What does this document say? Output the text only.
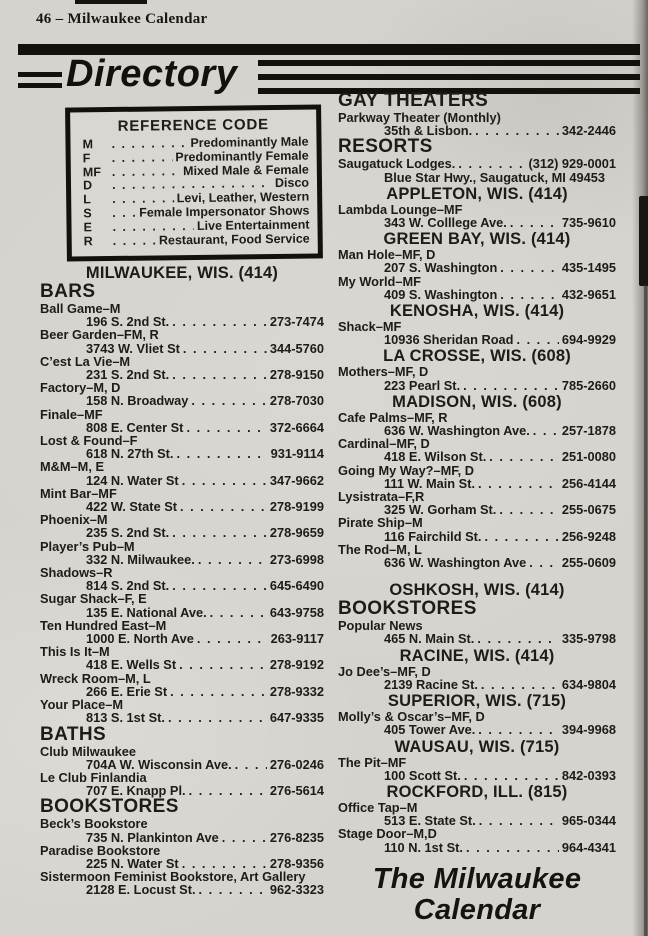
46 – Milwaukee Calendar
Directory
REFERENCE CODE
M . . .	Predominantly Male
F . . .	Predominantly Female
MF . . .	Mixed Male & Female
D . . .	Disco
L . . .	Levi, Leather, Western
S . . .	Female Impersonator Shows
E . . .	Live Entertainment
R . . .	Restaurant, Food Service
MILWAUKEE, WIS. (414)
BARS
Ball Game–M
196 S. 2nd St. . . .	273-7474
Beer Garden–FM, R
3743 W. Vliet St . . .	344-5760
C’est La Vie–M
231 S. 2nd St. . . .	278-9150
Factory–M, D
158 N. Broadway . . .	278-7030
Finale–MF
808 E. Center St . . .	372-6664
Lost & Found–F
618 N. 27th St. . . .	931-9114
M&M–M, E
124 N. Water St . . .	347-9662
Mint Bar–MF
422 W. State St . . .	278-9199
Phoenix–M
235 S. 2nd St. . . .	278-9659
Player’s Pub–M
332 N. Milwaukee. . . .	273-6998
Shadows–R
814 S. 2nd St. . . .	645-6490
Sugar Shack–F, E
135 E. National Ave. . . .	643-9758
Ten Hundred East–M
1000 E. North Ave . . .	263-9117
This Is It–M
418 E. Wells St . . .	278-9192
Wreck Room–M, L
266 E. Erie St . . .	278-9332
Your Place–M
813 S. 1st St. . . .	647-9335
BATHS
Club Milwaukee
704A W. Wisconsin Ave. . . .	276-0246
Le Club Finlandia
707 E. Knapp Pl. . . .	276-5614
BOOKSTORES
Beck’s Bookstore
735 N. Plankinton Ave . . .	276-8235
Paradise Bookstore
225 N. Water St . . .	278-9356
Sistermoon Feminist Bookstore, Art Gallery
2128 E. Locust St. . . .	962-3323
GAY THEATERS
Parkway Theater (Monthly)
35th & Lisbon. . . .	342-2446
RESORTS
Saugatuck Lodges. . . .	(312) 929-0001
Blue Star Hwy., Saugatuck, MI 49453
APPLETON, WIS. (414)
Lambda Lounge–MF
343 W. Colllege Ave. . . .	735-9610
GREEN BAY, WIS. (414)
Man Hole–MF, D
207 S. Washington . . .	435-1495
My World–MF
409 S. Washington . . .	432-9651
KENOSHA, WIS. (414)
Shack–MF
10936 Sheridan Road . . .	694-9929
LA CROSSE, WIS. (608)
Mothers–MF, D
223 Pearl St. . . .	785-2660
MADISON, WIS. (608)
Cafe Palms–MF, R
636 W. Washington Ave. . . .	257-1878
Cardinal–MF, D
418 E. Wilson St. . . .	251-0080
Going My Way?–MF, D
111 W. Main St. . . .	256-4144
Lysistrata–F,R
325 W. Gorham St. . . .	255-0675
Pirate Ship–M
116 Fairchild St. . . .	256-9248
The Rod–M, L
636 W. Washington Ave . . .	255-0609
OSHKOSH, WIS. (414)
BOOKSTORES
Popular News
465 N. Main St. . . .	335-9798
RACINE, WIS. (414)
Jo Dee’s–MF, D
2139 Racine St. . . .	634-9804
SUPERIOR, WIS. (715)
Molly’s & Oscar’s–MF, D
405 Tower Ave. . . .	394-9968
WAUSAU, WIS. (715)
The Pit–MF
100 Scott St. . . .	842-0393
ROCKFORD, ILL. (815)
Office Tap–M
513 E. State St. . . .	965-0344
Stage Door–M,D
110 N. 1st St. . . .	964-4341
The Milwaukee
Calendar
